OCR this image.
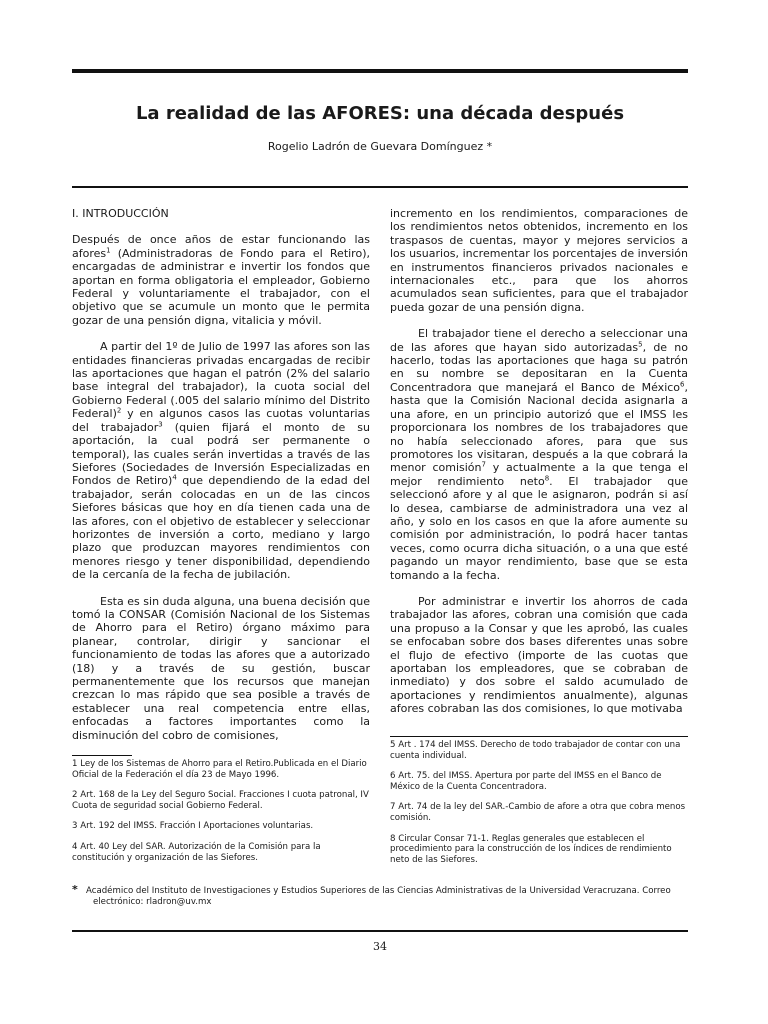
La realidad de las AFORES: una década después
Rogelio Ladrón de Guevara Domínguez *

I. INTRODUCCIÓN

Después de once años de estar funcionando las afores$^1$ (Administradoras de Fondo para el Retiro), encargadas de administrar e invertir los fondos que aportan en forma obligatoria el empleador, Gobierno Federal y voluntariamente el trabajador, con el objetivo que se acumule un monto que le permita gozar de una pensión digna, vitalicia y móvil.

A partir del 1º de Julio de 1997 las afores son las entidades financieras privadas encargadas de recibir las aportaciones que hagan el patrón (2% del salario base integral del trabajador), la cuota social del Gobierno Federal (.005 del salario mínimo del Distrito Federal)$^2$ y en algunos casos las cuotas voluntarias del trabajador$^3$ (quien fijará el monto de su aportación, la cual podrá ser permanente o temporal), las cuales serán invertidas a través de las Siefores (Sociedades de Inversión Especializadas en Fondos de Retiro)$^4$ que dependiendo de la edad del trabajador, serán colocadas en un de las cincos Siefores básicas que hoy en día tienen cada una de las afores, con el objetivo de establecer y seleccionar horizontes de inversión a corto, mediano y largo plazo que produzcan mayores rendimientos con menores riesgo y tener disponibilidad, dependiendo de la cercanía de la fecha de jubilación.

Esta es sin duda alguna, una buena decisión que tomó la CONSAR (Comisión Nacional de los Sistemas de Ahorro para el Retiro) órgano máximo para planear, controlar, dirigir y sancionar el funcionamiento de todas las afores que a autorizado (18) y a través de su gestión, buscar permanentemente que los recursos que manejan crezcan lo mas rápido que sea posible a través de establecer una real competencia entre ellas, enfocadas a factores importantes como la disminución del cobro de comisiones,

incremento en los rendimientos, comparaciones de los rendimientos netos obtenidos, incremento en los traspasos de cuentas, mayor y mejores servicios a los usuarios, incrementar los porcentajes de inversión en instrumentos financieros privados nacionales e internacionales etc., para que los ahorros acumulados sean suficientes, para que el trabajador pueda gozar de una pensión digna.

El trabajador tiene el derecho a seleccionar una de las afores que hayan sido autorizadas$^5$, de no hacerlo, todas las aportaciones que haga su patrón en su nombre se depositaran en la Cuenta Concentradora que manejará el Banco de México$^6$, hasta que la Comisión Nacional decida asignarla a una afore, en un principio autorizó que el IMSS les proporcionara los nombres de los trabajadores que no había seleccionado afores, para que sus promotores los visitaran, después a la que cobrará la menor comisión$^7$ y actualmente a la que tenga el mejor rendimiento neto$^8$. El trabajador que seleccionó afore y al que le asignaron, podrán si así lo desea, cambiarse de administradora una vez al año, y solo en los casos en que la afore aumente su comisión por administración, lo podrá hacer tantas veces, como ocurra dicha situación, o a una que esté pagando un mayor rendimiento, base que se esta tomando a la fecha.

Por administrar e invertir los ahorros de cada trabajador las afores, cobran una comisión que cada una propuso a la Consar y que les aprobó, las cuales se enfocaban sobre dos bases diferentes unas sobre el flujo de efectivo (importe de las cuotas que aportaban los empleadores, que se cobraban de inmediato) y dos sobre el saldo acumulado de aportaciones y rendimientos anualmente), algunas afores cobraban las dos comisiones, lo que motivaba

1 Ley de los Sistemas de Ahorro para el Retiro.Publicada en el Diario Oficial de la Federación el día 23 de Mayo 1996.

2 Art. 168 de la Ley del Seguro Social. Fracciones I cuota patronal, IV Cuota de seguridad social Gobierno Federal.

3 Art. 192 del IMSS. Fracción I Aportaciones voluntarias.

4 Art. 40 Ley del SAR. Autorización de la Comisión para la constitución y organización de las Siefores.

5 Art . 174 del IMSS. Derecho de todo trabajador de contar con una cuenta individual.

6 Art. 75. del IMSS. Apertura por parte del IMSS en el Banco de México de la Cuenta Concentradora.

7 Art. 74 de la ley del SAR.-Cambio de afore a otra que cobra menos comisión.

8 Circular Consar 71-1. Reglas generales que establecen el procedimiento para la construcción de los índices de rendimiento neto de las Siefores.

* Académico del Instituto de Investigaciones y Estudios Superiores de las Ciencias Administrativas de la Universidad Veracruzana. Correo
electrónico: rladron@uv.mx
34
